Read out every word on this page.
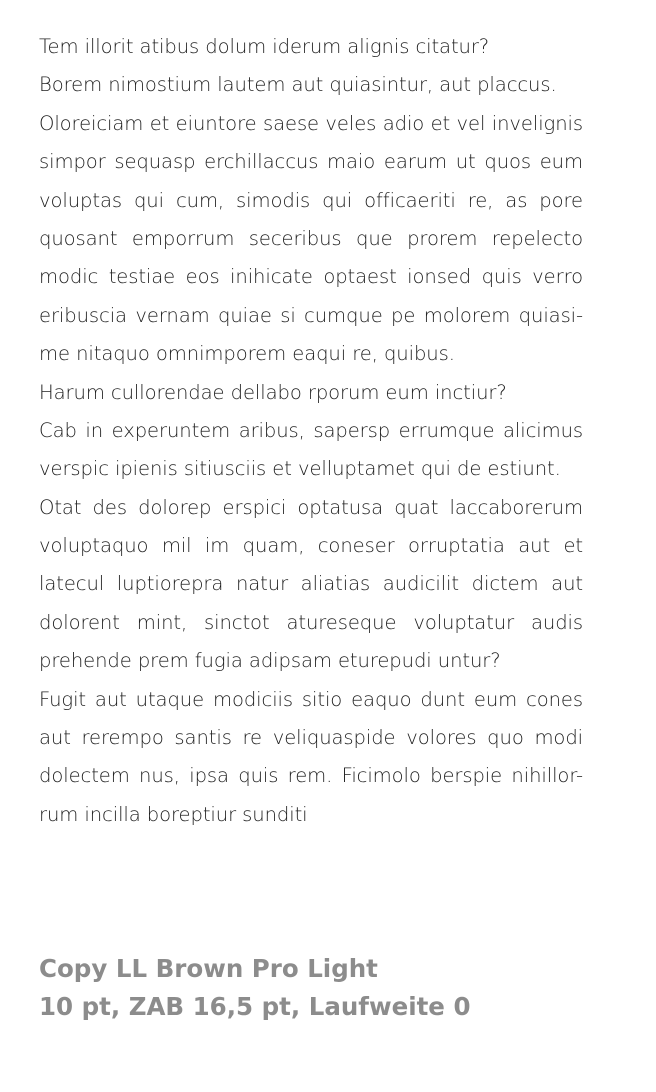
Tem illorit atibus dolum iderum alignis citatur?
Borem nimostium lautem aut quiasintur, aut placcus.
Oloreiciam et eiuntore saese veles adio et vel invelignis
simpor sequasp erchillaccus maio earum ut quos eum
voluptas qui cum, simodis qui officaeriti re, as pore
quosant emporrum seceribus que prorem repelecto
modic testiae eos inihicate optaest ionsed quis verro
eribuscia vernam quiae si cumque pe molorem quiasi-
me nitaquo omnimporem eaqui re, quibus.
Harum cullorendae dellabo rporum eum inctiur?
Cab in experuntem aribus, sapersp errumque alicimus
verspic ipienis sitiusciis et velluptamet qui de estiunt.
Otat des dolorep erspici optatusa quat laccaborerum
voluptaquo mil im quam, coneser orruptatia aut et
latecul luptiorepra natur aliatias audicilit dictem aut
dolorent mint, sinctot atureseque voluptatur audis
prehende prem fugia adipsam eturepudi untur?
Fugit aut utaque modiciis sitio eaquo dunt eum cones
aut rerempo santis re veliquaspide volores quo modi
dolectem nus, ipsa quis rem. Ficimolo berspie nihillor-
rum incilla boreptiur sunditi
Copy LL Brown Pro Light
10 pt, ZAB 16,5 pt, Laufweite 0
